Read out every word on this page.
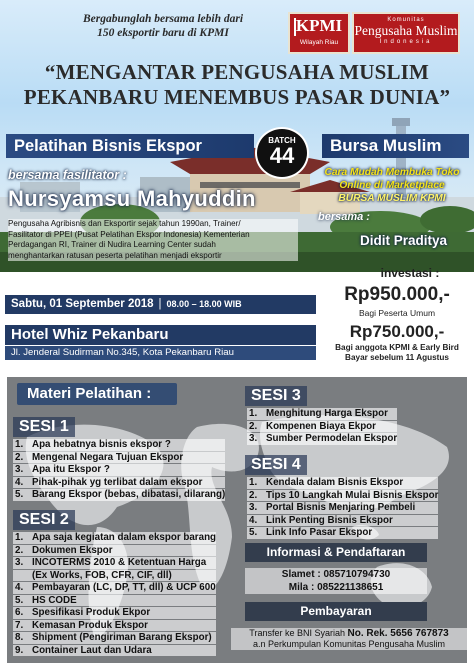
Bergabunglah bersama lebih dari
150 eksportir baru di KPMI	KPMI
Wilayah Riau
Komunitas
Pengusaha Muslim
Indonesia
“MENGANTAR PENGUSAHA MUSLIM
PEKANBARU MENEMBUS PASAR DUNIA”
Pelatihan Bisnis Ekspor	Bursa Muslim
BATCH
44
bersama fasilitator :
Nursyamsu Mahyuddin
Pengusaha Agribisnis dan Eksportir sejak tahun 1990an, Trainer/
Fasilitator di PPEI (Pusat Pelatihan Ekspor Indonesia) Kementerian
Perdagangan RI, Trainer di Nudira Learning Center sudah
menghantarkan ratusan peserta pelatihan menjadi eksportir
Cara Mudah Membuka Toko
Online di Marketplace
BURSA MUSLIM KPMI
bersama :
Didit Praditya
Sabtu, 01 September 2018 | 08.00 – 18.00 WIB
Hotel Whiz Pekanbaru
Jl. Jenderal Sudirman No.345, Kota Pekanbaru Riau
investasi :
Rp950.000,-
Bagi Peserta Umum
Rp750.000,-
Bagi anggota KPMI & Early Bird
Bayar sebelum 11 Agustus
Materi Pelatihan :
SESI 1
1. Apa hebatnya bisnis ekspor ?
2. Mengenal Negara Tujuan Ekspor
3. Apa itu Ekspor ?
4. Pihak-pihak yg terlibat dalam ekspor
5. Barang Ekspor (bebas, dibatasi, dilarang)
SESI 2
1. Apa saja kegiatan dalam ekspor barang
2. Dokumen Ekspor
3. INCOTERMS 2010 & Ketentuan Harga
(Ex Works, FOB, CFR, CIF, dll)
4. Pembayaran (LC, DP, TT, dll) & UCP 600
5. HS CODE
6. Spesifikasi Produk Ekpor
7. Kemasan Produk Ekspor
8. Shipment (Pengiriman Barang Ekspor)
9. Container Laut dan Udara
SESI 3
1. Menghitung Harga Ekspor
2. Kompenen Biaya Ekpor
3. Sumber Permodelan Ekspor
SESI 4
1. Kendala dalam Bisnis Ekspor
2. Tips 10 Langkah Mulai Bisnis Ekspor
3. Portal Bisnis Menjaring Pembeli
4. Link Penting Bisnis Ekspor
5. Link Info Pasar Ekspor
Informasi & Pendaftaran
Slamet : 085710794730
Mila : 085221138651
Pembayaran
Transfer ke BNI Syariah No. Rek. 5656 767873
a.n Perkumpulan Komunitas Pengusaha Muslim
